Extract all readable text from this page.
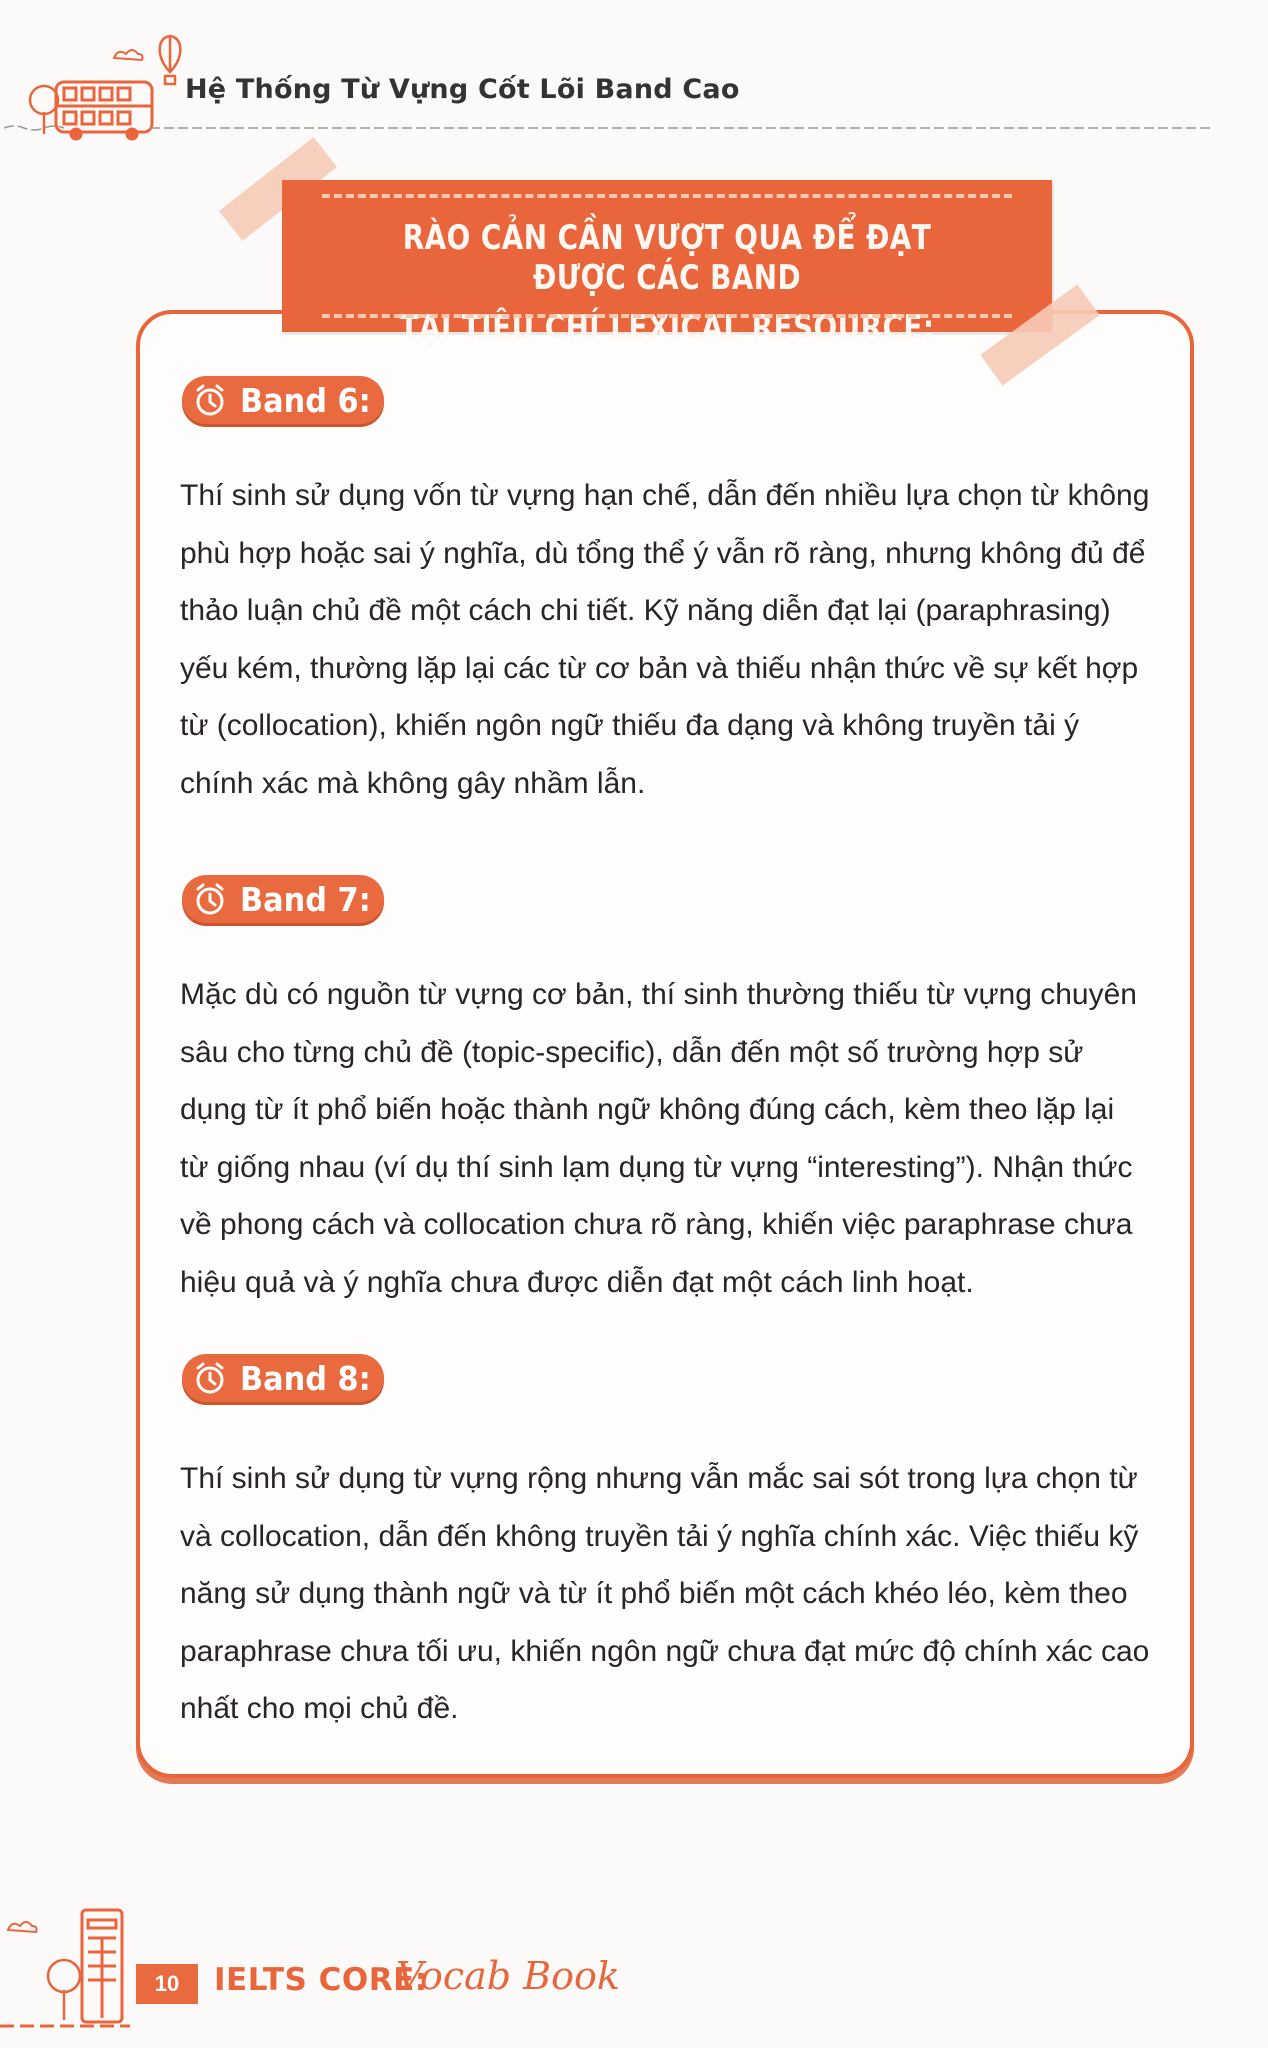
Hệ Thống Từ Vựng Cốt Lõi Band Cao
RÀO CẢN CẦN VƯỢT QUA ĐỂ ĐẠT ĐƯỢC CÁC BAND
TẠI TIÊU CHÍ LEXICAL RESOURCE:
Band 6:

Thí sinh sử dụng vốn từ vựng hạn chế, dẫn đến nhiều lựa chọn từ không phù hợp hoặc sai ý nghĩa, dù tổng thể ý vẫn rõ ràng, nhưng không đủ để thảo luận chủ đề một cách chi tiết. Kỹ năng diễn đạt lại (paraphrasing) yếu kém, thường lặp lại các từ cơ bản và thiếu nhận thức về sự kết hợp từ (collocation), khiến ngôn ngữ thiếu đa dạng và không truyền tải ý chính xác mà không gây nhầm lẫn.

Band 7:

Mặc dù có nguồn từ vựng cơ bản, thí sinh thường thiếu từ vựng chuyên sâu cho từng chủ đề (topic-specific), dẫn đến một số trường hợp sử dụng từ ít phổ biến hoặc thành ngữ không đúng cách, kèm theo lặp lại từ giống nhau (ví dụ thí sinh lạm dụng từ vựng “interesting”). Nhận thức về phong cách và collocation chưa rõ ràng, khiến việc paraphrase chưa hiệu quả và ý nghĩa chưa được diễn đạt một cách linh hoạt.

Band 8:

Thí sinh sử dụng từ vựng rộng nhưng vẫn mắc sai sót trong lựa chọn từ và collocation, dẫn đến không truyền tải ý nghĩa chính xác. Việc thiếu kỹ năng sử dụng thành ngữ và từ ít phổ biến một cách khéo léo, kèm theo paraphrase chưa tối ưu, khiến ngôn ngữ chưa đạt mức độ chính xác cao nhất cho mọi chủ đề.

10	IELTS CORE:
Vocab Book
